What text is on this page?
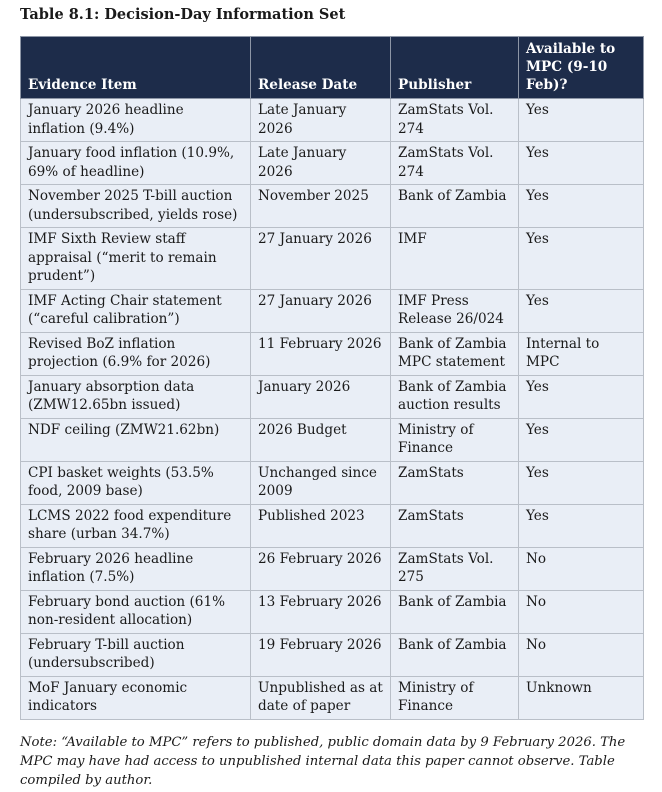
Table 8.1: Decision-Day Information Set
Evidence Item	Release Date	Publisher	Available to MPC (9-10 Feb)?
January 2026 headline inflation (9.4%)	Late January 2026	ZamStats Vol. 274	Yes
January food inflation (10.9%, 69% of headline)	Late January 2026	ZamStats Vol. 274	Yes
November 2025 T-bill auction (undersubscribed, yields rose)	November 2025	Bank of Zambia	Yes
IMF Sixth Review staff appraisal (“merit to remain prudent”)	27 January 2026	IMF	Yes
IMF Acting Chair statement (“careful calibration”)	27 January 2026	IMF Press Release 26/024	Yes
Revised BoZ inflation projection (6.9% for 2026)	11 February 2026	Bank of Zambia MPC statement	Internal to MPC
January absorption data (ZMW12.65bn issued)	January 2026	Bank of Zambia auction results	Yes
NDF ceiling (ZMW21.62bn)	2026 Budget	Ministry of Finance	Yes
CPI basket weights (53.5% food, 2009 base)	Unchanged since 2009	ZamStats	Yes
LCMS 2022 food expenditure share (urban 34.7%)	Published 2023	ZamStats	Yes
February 2026 headline inflation (7.5%)	26 February 2026	ZamStats Vol. 275	No
February bond auction (61% non-resident allocation)	13 February 2026	Bank of Zambia	No
February T-bill auction (undersubscribed)	19 February 2026	Bank of Zambia	No
MoF January economic indicators	Unpublished as at date of paper	Ministry of Finance	Unknown
Note: “Available to MPC” refers to published, public domain data by 9 February 2026. The MPC may have had access to unpublished internal data this paper cannot observe. Table compiled by author.
